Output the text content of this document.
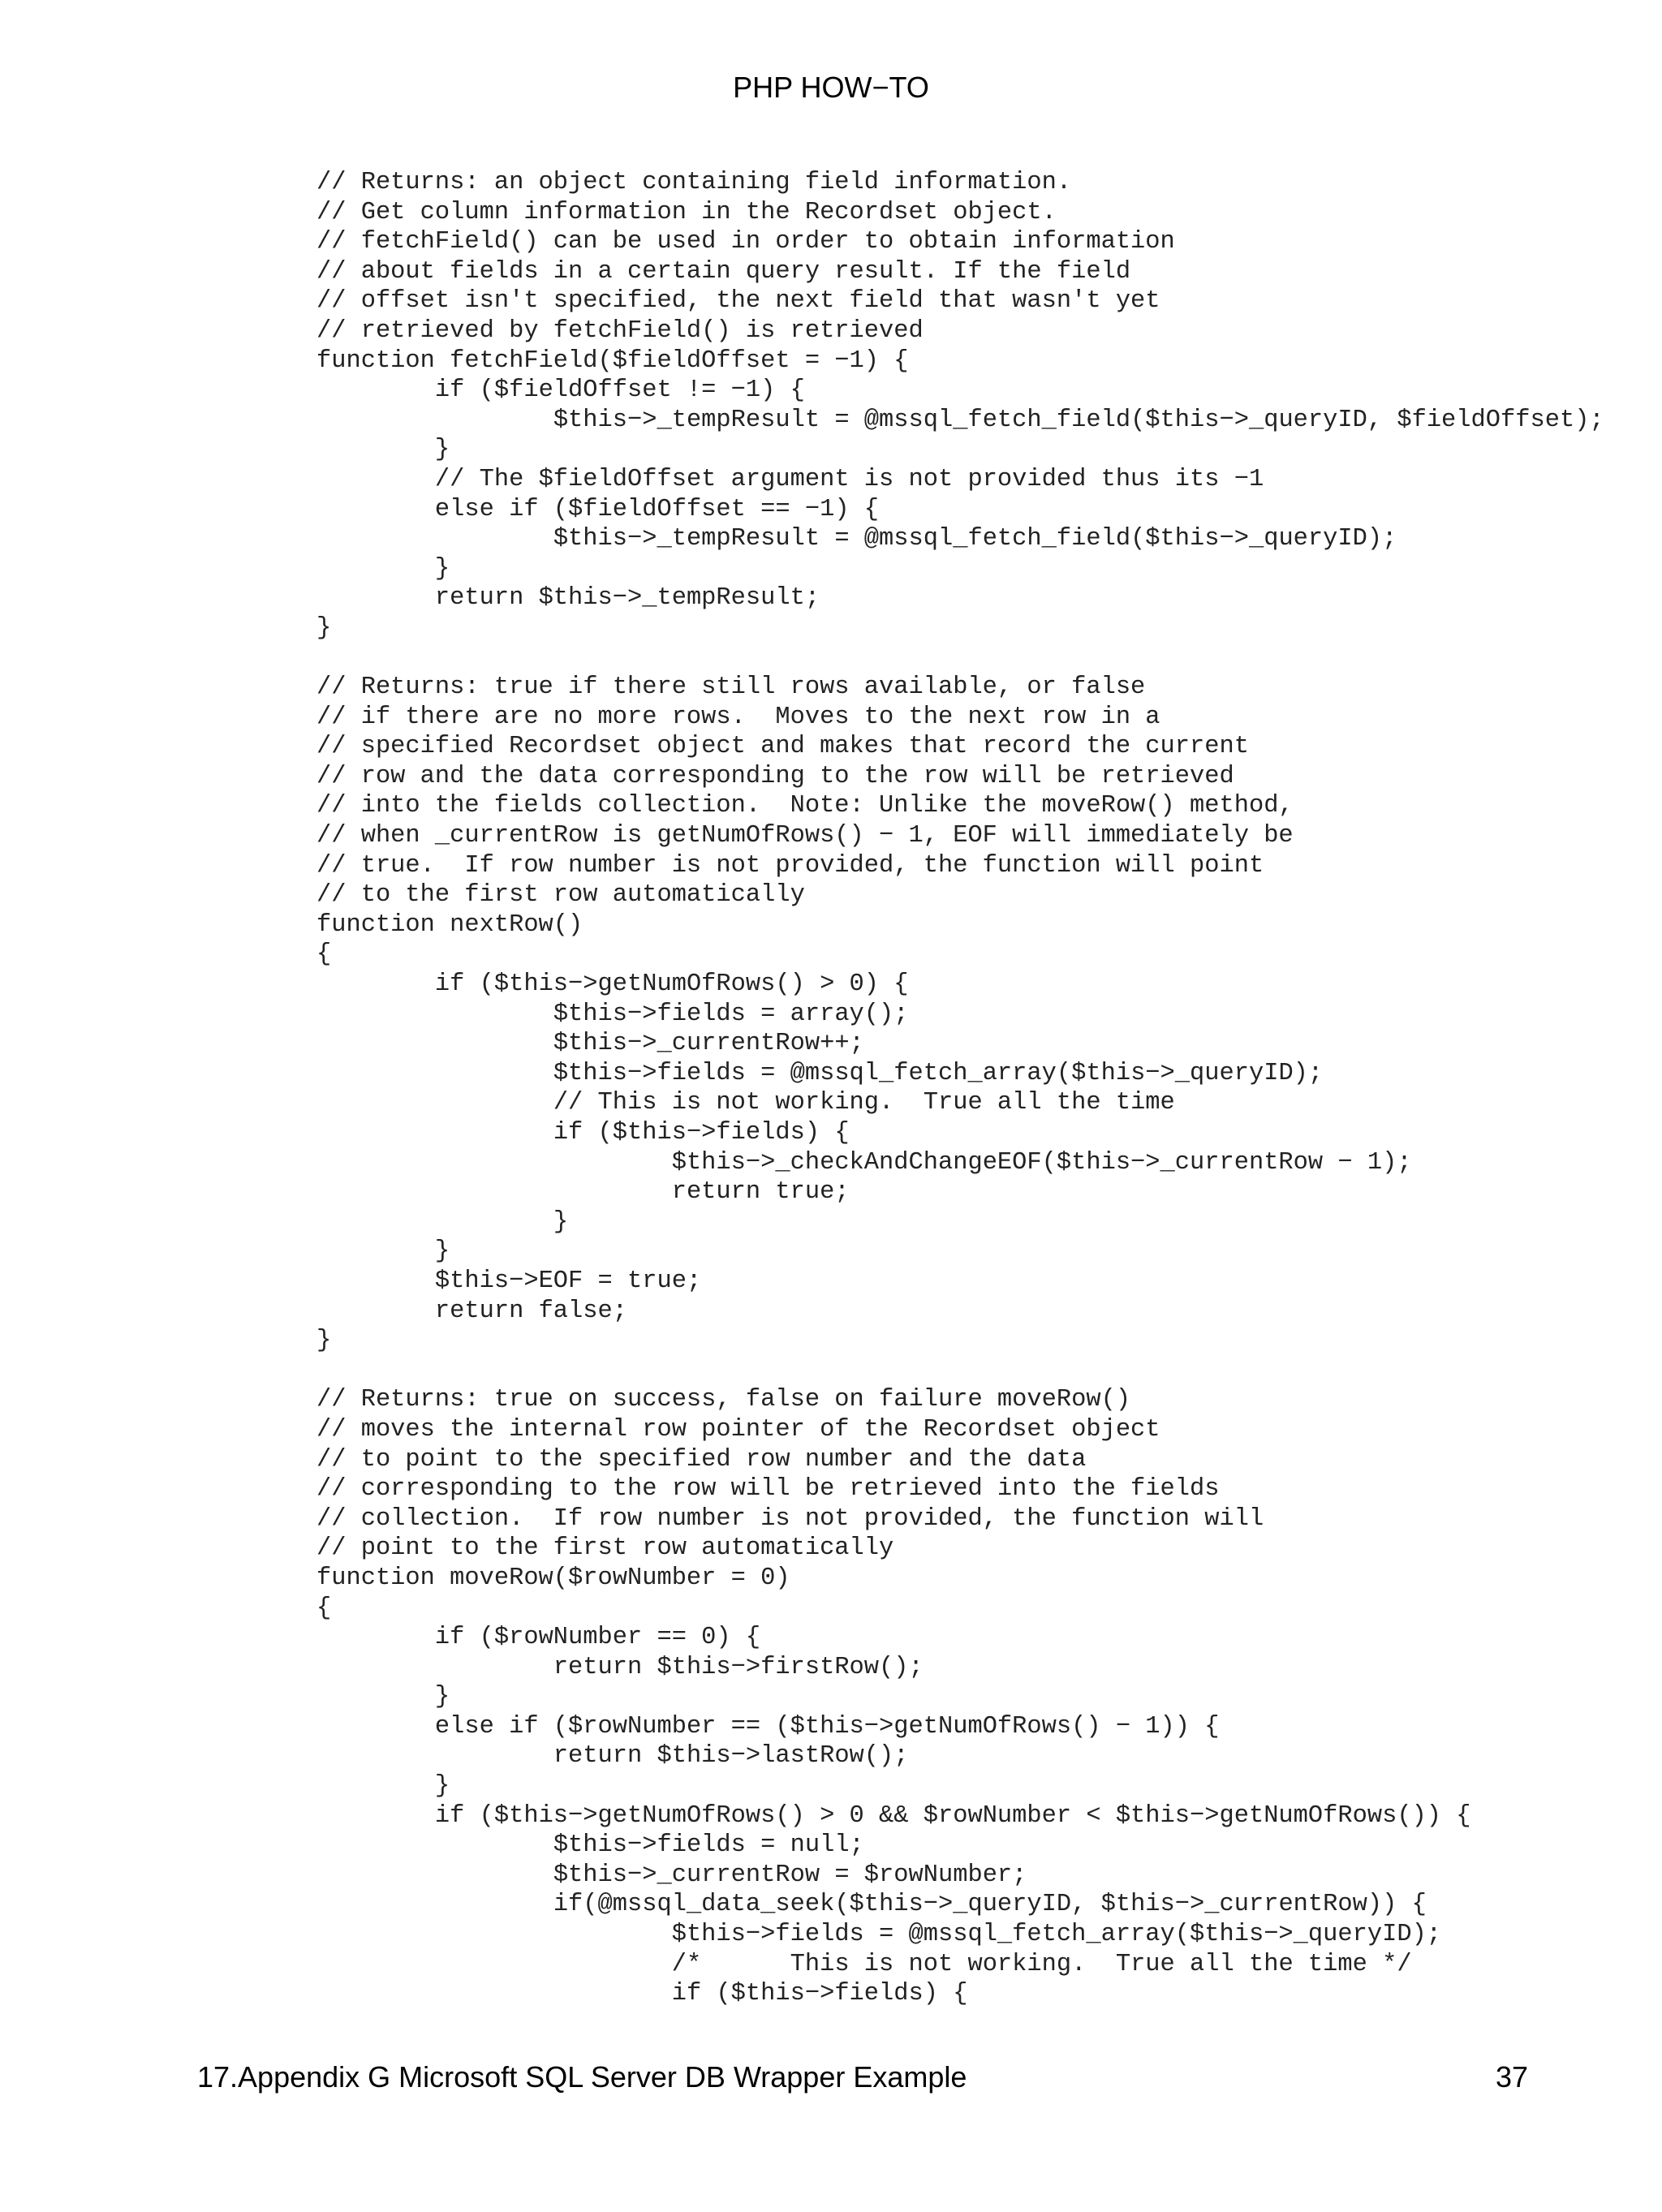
PHP HOW−TO
// Returns: an object containing field information.
// Get column information in the Recordset object.
// fetchField() can be used in order to obtain information
// about fields in a certain query result. If the field
// offset isn't specified, the next field that wasn't yet
// retrieved by fetchField() is retrieved
function fetchField($fieldOffset = −1) {
	if ($fieldOffset != −1) {
		$this−>_tempResult = @mssql_fetch_field($this−>_queryID, $fieldOffset);
	}
	// The $fieldOffset argument is not provided thus its −1
	else if ($fieldOffset == −1) {
		$this−>_tempResult = @mssql_fetch_field($this−>_queryID);
	}
	return $this−>_tempResult;
}
// Returns: true if there still rows available, or false
// if there are no more rows.  Moves to the next row in a
// specified Recordset object and makes that record the current
// row and the data corresponding to the row will be retrieved
// into the fields collection.  Note: Unlike the moveRow() method,
// when _currentRow is getNumOfRows() − 1, EOF will immediately be
// true.  If row number is not provided, the function will point
// to the first row automatically
function nextRow()
{
	if ($this−>getNumOfRows() > 0) {
		$this−>fields = array();
		$this−>_currentRow++;
		$this−>fields = @mssql_fetch_array($this−>_queryID);
		// This is not working.  True all the time
		if ($this−>fields) {
			$this−>_checkAndChangeEOF($this−>_currentRow − 1);
			return true;
		}
	}
	$this−>EOF = true;
	return false;
}
// Returns: true on success, false on failure moveRow()
// moves the internal row pointer of the Recordset object
// to point to the specified row number and the data
// corresponding to the row will be retrieved into the fields
// collection.  If row number is not provided, the function will
// point to the first row automatically
function moveRow($rowNumber = 0)
{
	if ($rowNumber == 0) {
		return $this−>firstRow();
	}
	else if ($rowNumber == ($this−>getNumOfRows() − 1)) {
		return $this−>lastRow();
	}
	if ($this−>getNumOfRows() > 0 && $rowNumber < $this−>getNumOfRows()) {
		$this−>fields = null;
		$this−>_currentRow = $rowNumber;
		if(@mssql_data_seek($this−>_queryID, $this−>_currentRow)) {
			$this−>fields = @mssql_fetch_array($this−>_queryID);
			/*	This is not working.  True all the time */
			if ($this−>fields) {
17.Appendix G Microsoft SQL Server DB Wrapper Example	37
